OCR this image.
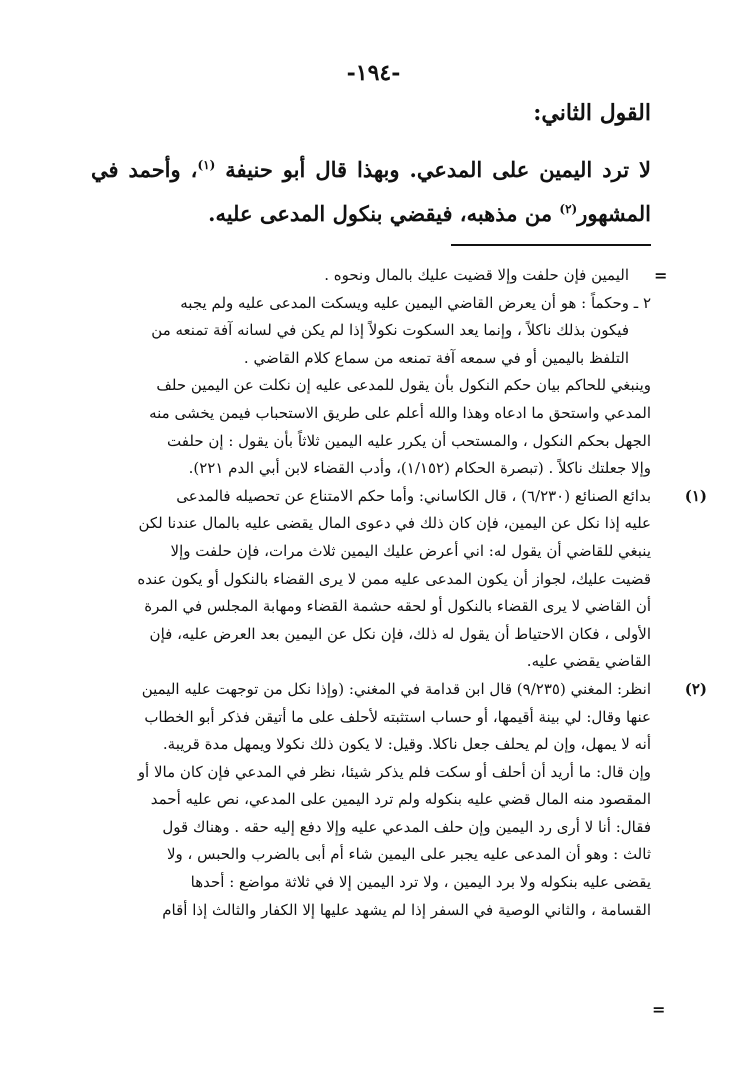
-١٩٤-
القول الثاني:

لا ترد اليمين على المدعي. وبهذا قال أبو حنيفة $^{(١)}$، وأحمد في المشهور$^{(٢)}$ من مذهبه، فيقضي بنكول المدعى عليه.

=
=

اليمين فإن حلفت وإلا قضيت عليك بالمال ونحوه .

٢ ـ وحكماً : هو أن يعرض القاضي اليمين عليه ويسكت المدعى عليه ولم يجبه

فيكون بذلك ناكلاً ، وإنما يعد السكوت نكولاً إذا لم يكن في لسانه آفة تمنعه من

التلفظ باليمين أو في سمعه آفة تمنعه من سماع كلام القاضي .

وينبغي للحاكم بيان حكم النكول بأن يقول للمدعى عليه إن نكلت عن اليمين حلف

المدعي واستحق ما ادعاه وهذا والله أعلم على طريق الاستحباب فيمن يخشى منه

الجهل بحكم النكول ، والمستحب أن يكرر عليه اليمين ثلاثاً بأن يقول : إن حلفت

وإلا جعلتك ناكلاً . (تبصرة الحكام (١/١٥٢)، وأدب القضاء لابن أبي الدم ٢٢١).

(١)

بدائع الصنائع (٦/٢٣٠) ، قال الكاساني: وأما حكم الامتناع عن تحصيله فالمدعى

عليه إذا نكل عن اليمين، فإن كان ذلك في دعوى المال يقضى عليه بالمال عندنا لكن

ينبغي للقاضي أن يقول له: اني أعرض عليك اليمين ثلاث مرات، فإن حلفت وإلا

قضيت عليك، لجواز أن يكون المدعى عليه ممن لا يرى القضاء بالنكول أو يكون عنده

أن القاضي لا يرى القضاء بالنكول أو لحقه حشمة القضاء ومهابة المجلس في المرة

الأولى ، فكان الاحتياط أن يقول له ذلك، فإن نكل عن اليمين بعد العرض عليه، فإن

القاضي يقضي عليه.

(٢)

انظر: المغني (٩/٢٣٥) قال ابن قدامة في المغني: (وإذا نكل من توجهت عليه اليمين

عنها وقال: لي بينة أقيمها، أو حساب استثبته لأحلف على ما أتيقن فذكر أبو الخطاب

أنه لا يمهل، وإن لم يحلف جعل ناكلا. وقيل: لا يكون ذلك نكولا ويمهل مدة قريبة.

وإن قال: ما أريد أن أحلف أو سكت فلم يذكر شيئا، نظر في المدعي فإن كان مالا أو

المقصود منه المال قضي عليه بنكوله ولم ترد اليمين على المدعي، نص عليه أحمد

فقال: أنا لا أرى رد اليمين وإن حلف المدعي عليه وإلا دفع إليه حقه . وهناك قول

ثالث : وهو أن المدعى عليه يجبر على اليمين شاء أم أبى بالضرب والحبس ، ولا

يقضى عليه بنكوله ولا برد اليمين ، ولا ترد اليمين إلا في ثلاثة مواضع : أحدها

القسامة ، والثاني الوصية في السفر إذا لم يشهد عليها إلا الكفار والثالث إذا أقام
